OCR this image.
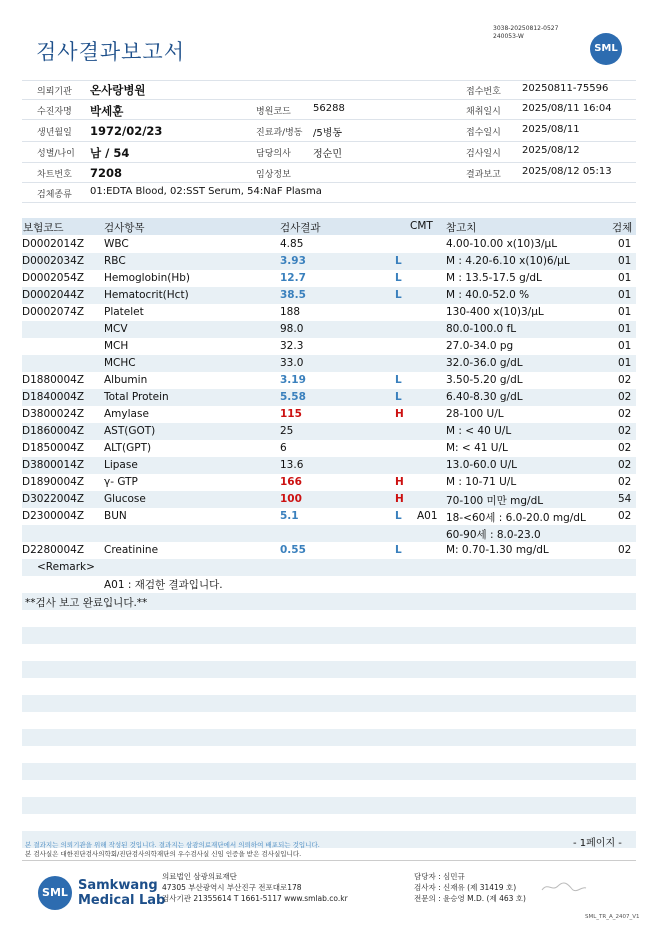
검사결과보고서
3038-20250812-0527
240053-W
SML
의뢰기관 온사랑병원	접수번호 20250811-75596
수진자명 박세훈	병원코드 56288	채취일시 2025/08/11 16:04
생년월일 1972/02/23	진료과/병동 /5병동	접수일시 2025/08/11
성별/나이 남 / 54	담당의사 정순민	검사일시 2025/08/12
차트번호 7208	임상정보	결과보고 2025/08/12 05:13
검체종류 01:EDTA Blood, 02:SST Serum, 54:NaF Plasma
보험코드	검사항목	검사결과	CMT 참고치	검체
D0002014Z WBC	4.85	4.00-10.00 x(10)3/μL	01
D0002034Z RBC	3.93	L	M : 4.20-6.10 x(10)6/μL	01
D0002054Z Hemoglobin(Hb)	12.7	L	M : 13.5-17.5 g/dL	01
D0002044Z Hematocrit(Hct)	38.5	L	M : 40.0-52.0 %	01
D0002074Z Platelet	188	130-400 x(10)3/μL	01
MCV	98.0	80.0-100.0 fL	01
MCH	32.3	27.0-34.0 pg	01
MCHC	33.0	32.0-36.0 g/dL	01
D1880004Z Albumin	3.19	L	3.50-5.20 g/dL	02
D1840004Z Total Protein	5.58	L	6.40-8.30 g/dL	02
D3800024Z Amylase	115	H	28-100 U/L	02
D1860004Z AST(GOT)	25	M : < 40 U/L	02
D1850004Z ALT(GPT)	6	M: < 41 U/L	02
D3800014Z Lipase	13.6	13.0-60.0 U/L	02
D1890004Z γ- GTP	166	H	M : 10-71 U/L	02
D3022004Z Glucose	100	H	70-100 미만 mg/dL	54
D2300004Z BUN	5.1	L A01 18-<60세 : 6.0-20.0 mg/dL	02
60-90세 : 8.0-23.0
D2280004Z Creatinine	0.55	L	M: 0.70-1.30 mg/dL	02
<Remark>
A01 : 재검한 결과입니다.
**검사 보고 완료입니다.**
본 결과지는 의뢰기관을 위해 작성된 것입니다. 결과지는 삼광의료재단에서 의뢰하여 배포되는 것입니다.
본 검사실은 대한진단검사의학회/진단검사의학재단의 우수검사실 신임 인증을 받은 검사실입니다.
- 1페이지 -
SML Samkwang
Medical Lab
의료법인 삼광의료재단
47305 부산광역시 부산진구 전포대로178
검사기관 21355614 T 1661-5117 www.smlab.co.kr
담당자 : 심민규
검사자 : 신재유 (제 31419 호)
전문의 : 윤승영 M.D. (제 463 호)
SML_TR_A_2407_V1
